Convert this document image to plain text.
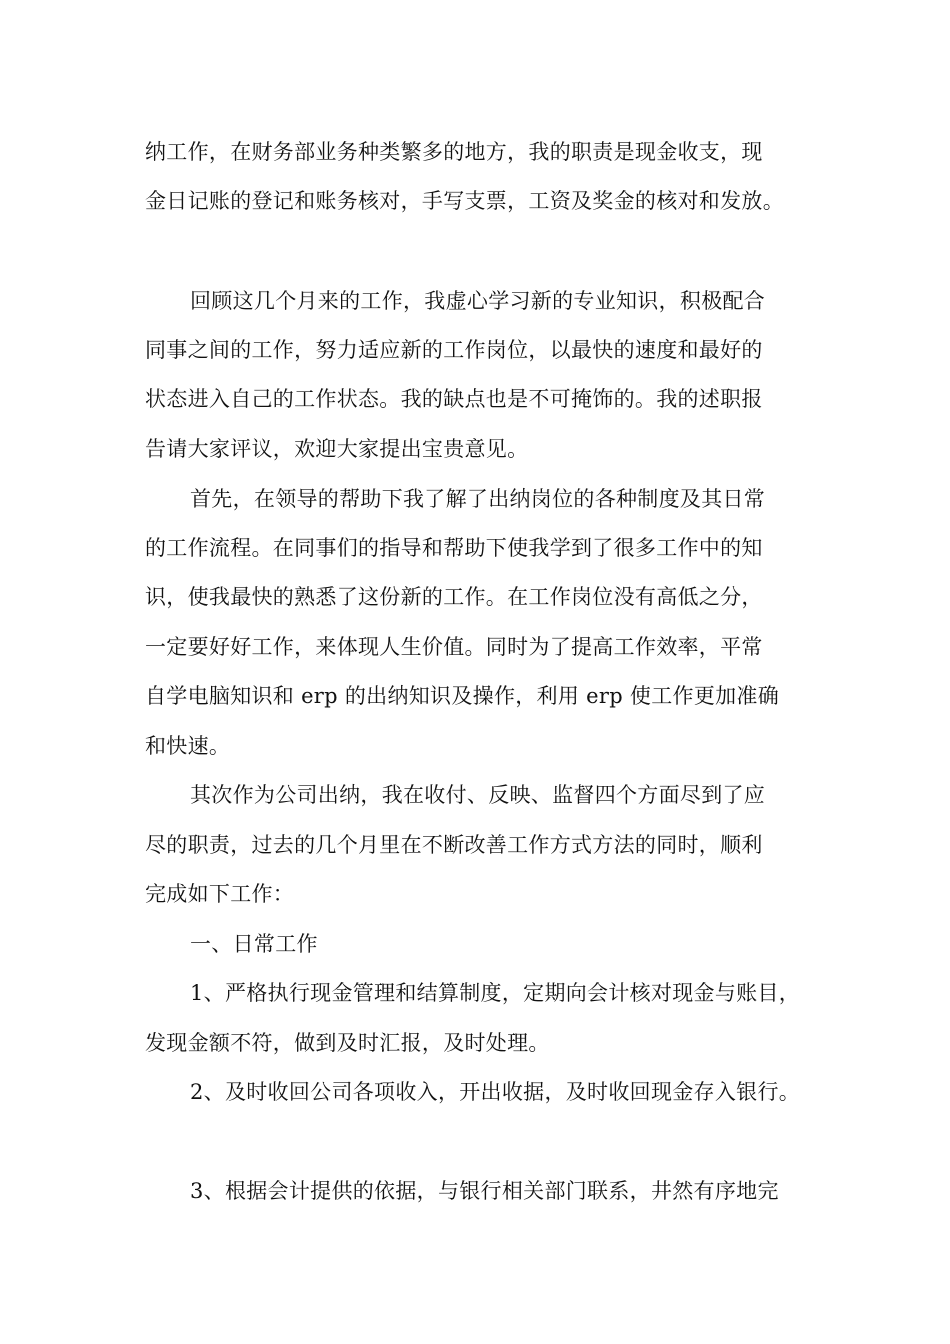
纳工作，在财务部业务种类繁多的地方，我的职责是现金收支，现
金日记账的登记和账务核对，手写支票，工资及奖金的核对和发放。
回顾这几个月来的工作，我虚心学习新的专业知识，积极配合
同事之间的工作，努力适应新的工作岗位，以最快的速度和最好的
状态进入自己的工作状态。我的缺点也是不可掩饰的。我的述职报
告请大家评议，欢迎大家提出宝贵意见。
首先，在领导的帮助下我了解了出纳岗位的各种制度及其日常
的工作流程。在同事们的指导和帮助下使我学到了很多工作中的知
识，使我最快的熟悉了这份新的工作。在工作岗位没有高低之分，
一定要好好工作，来体现人生价值。同时为了提高工作效率，平常
自学电脑知识和 erp 的出纳知识及操作，利用 erp 使工作更加准确
和快速。
其次作为公司出纳，我在收付、反映、监督四个方面尽到了应
尽的职责，过去的几个月里在不断改善工作方式方法的同时，顺利
完成如下工作：
一、日常工作
1、严格执行现金管理和结算制度，定期向会计核对现金与账目，
发现金额不符，做到及时汇报，及时处理。
2、及时收回公司各项收入，开出收据，及时收回现金存入银行。
3、根据会计提供的依据，与银行相关部门联系，井然有序地完
